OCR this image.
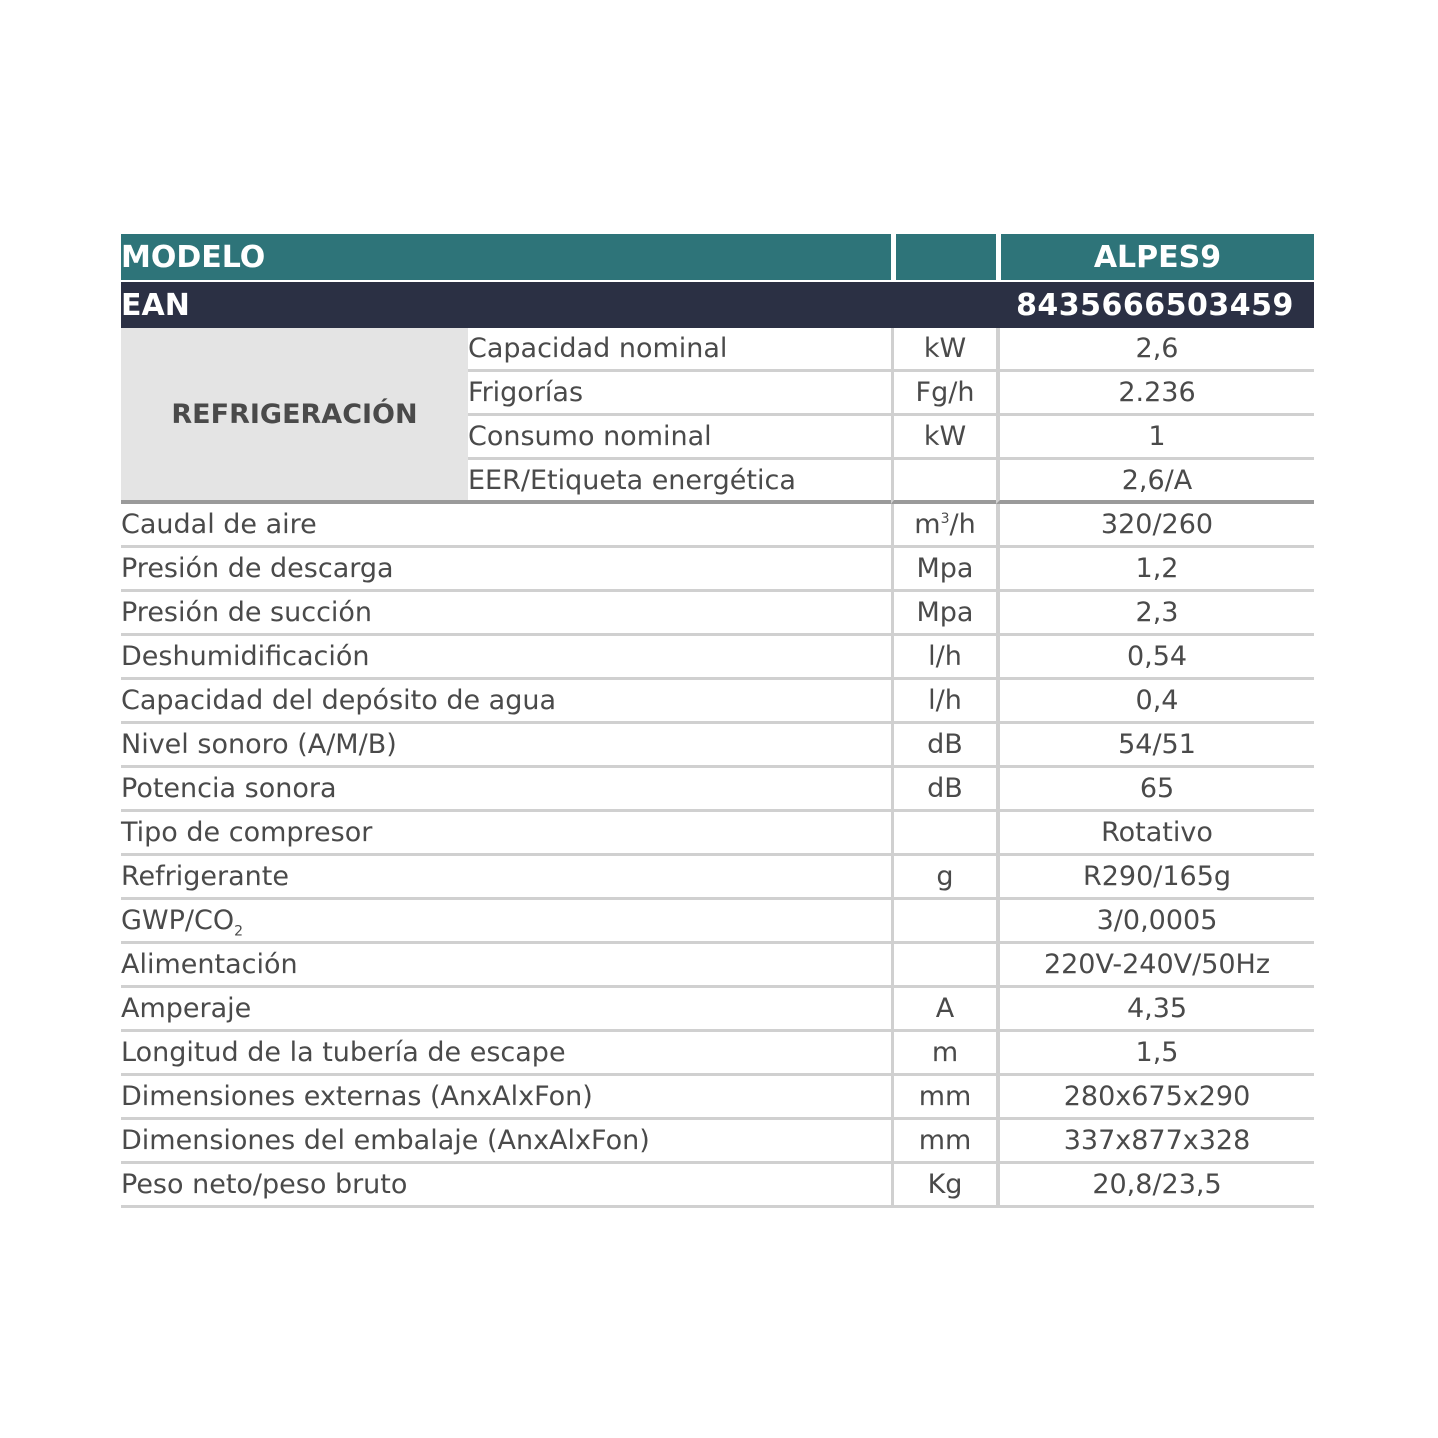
MODELO			ALPES9
EAN			8435666503459
REFRIGERACIÓN	Capacidad nominal	kW	2,6
	Frigorías	Fg/h	2.236
	Consumo nominal	kW	1
	EER/Etiqueta energética		2,6/A
Caudal de aire		$m^3/h$	320/260
Presión de descarga		Mpa	1,2
Presión de succión		Mpa	2,3
Deshumidificación		l/h	0,54
Capacidad del depósito de agua		l/h	0,4
Nivel sonoro (A/M/B)		dB	54/51
Potencia sonora		dB	65
Tipo de compresor			Rotativo
Refrigerante		g	R290/165g
GWP/$CO_2$			3/0,0005
Alimentación			220V-240V/50Hz
Amperaje		A	4,35
Longitud de la tubería de escape		m	1,5
Dimensiones externas (AnxAlxFon)		mm	280x675x290
Dimensiones del embalaje (AnxAlxFon)		mm	337x877x328
Peso neto/peso bruto		Kg	20,8/23,5
